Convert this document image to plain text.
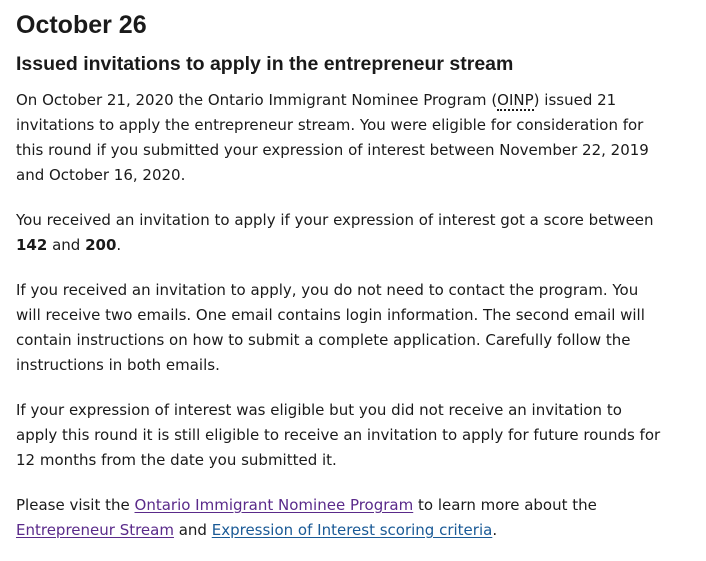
October 26
Issued invitations to apply in the entrepreneur stream

On October 21, 2020 the Ontario Immigrant Nominee Program (OINP) issued 21
invitations to apply the entrepreneur stream. You were eligible for consideration for
this round if you submitted your expression of interest between November 22, 2019
and October 16, 2020.

You received an invitation to apply if your expression of interest got a score between
142 and 200.

If you received an invitation to apply, you do not need to contact the program. You
will receive two emails. One email contains login information. The second email will
contain instructions on how to submit a complete application. Carefully follow the
instructions in both emails.

If your expression of interest was eligible but you did not receive an invitation to
apply this round it is still eligible to receive an invitation to apply for future rounds for
12 months from the date you submitted it.

Please visit the Ontario Immigrant Nominee Program to learn more about the
Entrepreneur Stream and Expression of Interest scoring criteria.
